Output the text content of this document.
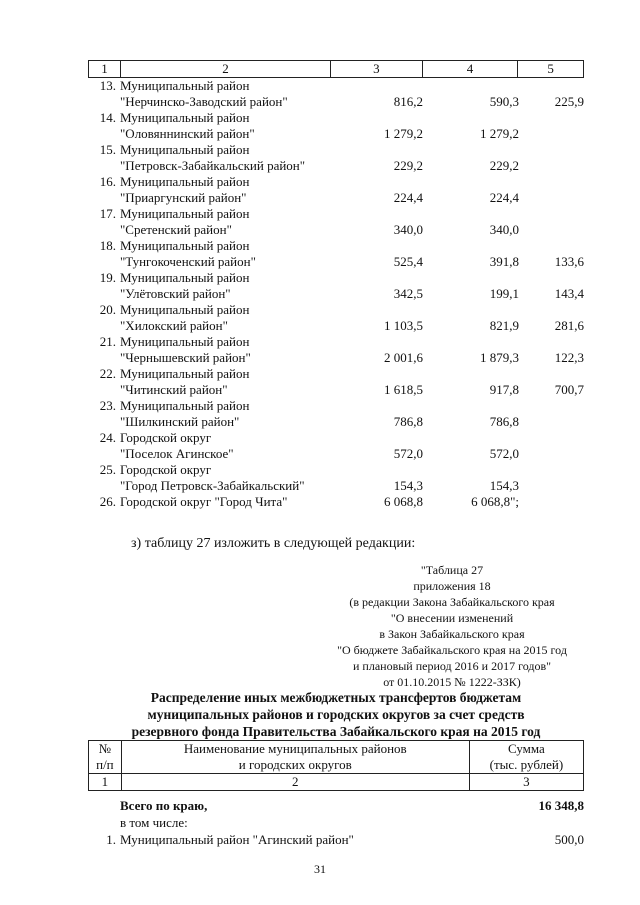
1	2	3	4	5
13. Муниципальный район
"Нерчинско-Заводский район"	816,2	590,3	225,9
14. Муниципальный район
"Оловяннинский район"	1 279,2	1 279,2
15. Муниципальный район
"Петровск-Забайкальский район"	229,2	229,2
16. Муниципальный район
"Приаргунский район"	224,4	224,4
17. Муниципальный район
"Сретенский район"	340,0	340,0
18. Муниципальный район
"Тунгокоченский район"	525,4	391,8	133,6
19. Муниципальный район
"Улётовский район"	342,5	199,1	143,4
20. Муниципальный район
"Хилокский район"	1 103,5	821,9	281,6
21. Муниципальный район
"Чернышевский район"	2 001,6	1 879,3	122,3
22. Муниципальный район
"Читинский район"	1 618,5	917,8	700,7
23. Муниципальный район
"Шилкинский район"	786,8	786,8
24. Городской округ
"Поселок Агинское"	572,0	572,0
25. Городской округ
"Город Петровск-Забайкальский"	154,3	154,3
26. Городской округ "Город Чита"	6 068,8	6 068,8";
з) таблицу 27 изложить в следующей редакции:
"Таблица 27
приложения 18
(в редакции Закона Забайкальского края
"О внесении изменений
в Закон Забайкальского края
"О бюджете Забайкальского края на 2015 год
и плановый период 2016 и 2017 годов"
от 01.10.2015 № 1222-ЗЗК)
Распределение иных межбюджетных трансфертов бюджетам
муниципальных районов и городских округов за счет средств
резервного фонда Правительства Забайкальского края на 2015 год
№
п/п	Наименование муниципальных районов
и городских округов	Сумма
(тыс. рублей)
1	2	3
Всего по краю,	16 348,8
в том числе:
1. Муниципальный район "Агинский район"	500,0
31
